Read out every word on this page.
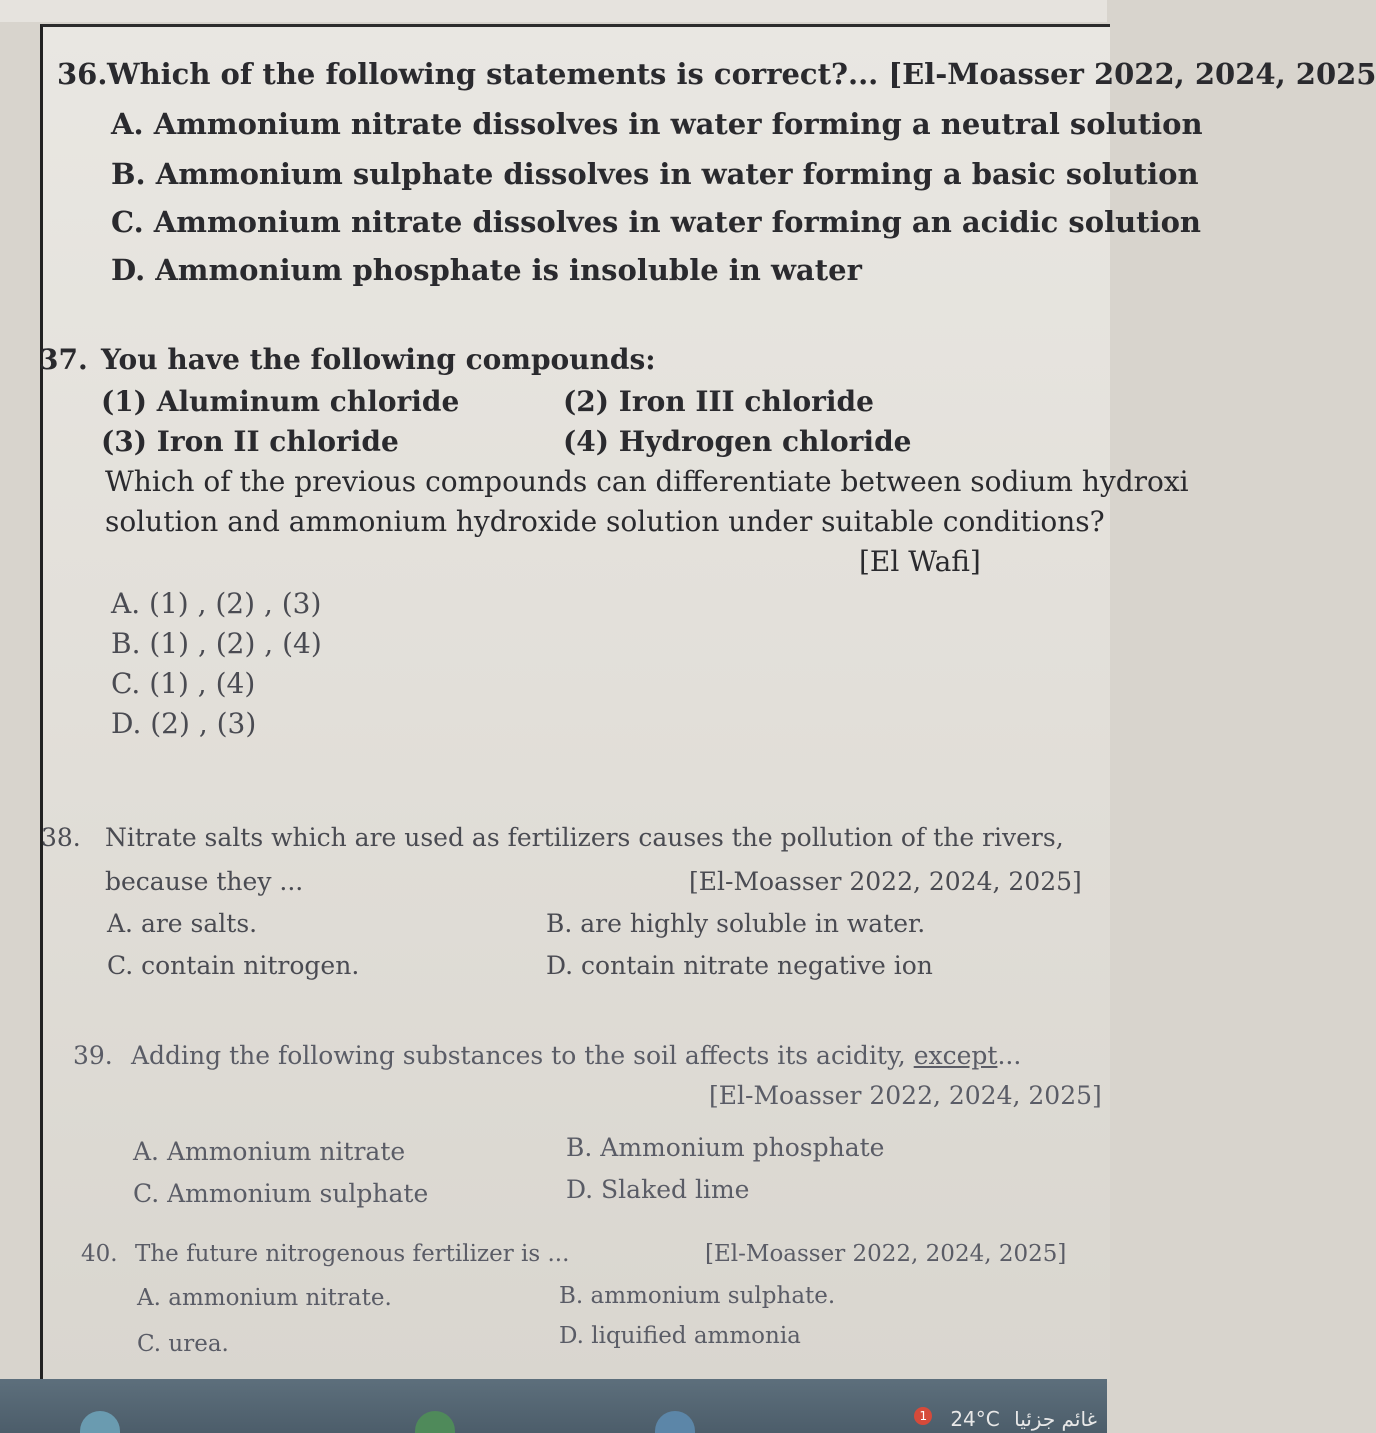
36. Which of the following statements is correct?... [El-Moasser 2022, 2024, 2025
A. Ammonium nitrate dissolves in water forming a neutral solution
B. Ammonium sulphate dissolves in water forming a basic solution
C. Ammonium nitrate dissolves in water forming an acidic solution
D. Ammonium phosphate is insoluble in water
37. You have the following compounds:
(1) Aluminum chloride	(2) Iron III chloride
(3) Iron II chloride	(4) Hydrogen chloride
Which of the previous compounds can differentiate between sodium hydroxi
solution and ammonium hydroxide solution under suitable conditions?
[El Wafi]
A. (1) , (2) , (3)
B. (1) , (2) , (4)
C. (1) , (4)
D. (2) , (3)
38. Nitrate salts which are used as fertilizers causes the pollution of the rivers,
because they ...	[El-Moasser 2022, 2024, 2025]
A. are salts.	B. are highly soluble in water.
C. contain nitrogen.	D. contain nitrate negative ion
39. Adding the following substances to the soil affects its acidity, except...
[El-Moasser 2022, 2024, 2025]
A. Ammonium nitrate	B. Ammonium phosphate
C. Ammonium sulphate	D. Slaked lime
40. The future nitrogenous fertilizer is ...	[El-Moasser 2022, 2024, 2025]
A. ammonium nitrate.	B. ammonium sulphate.
C. urea.	D. liquified ammonia
1 24°C غائم جزئيا
